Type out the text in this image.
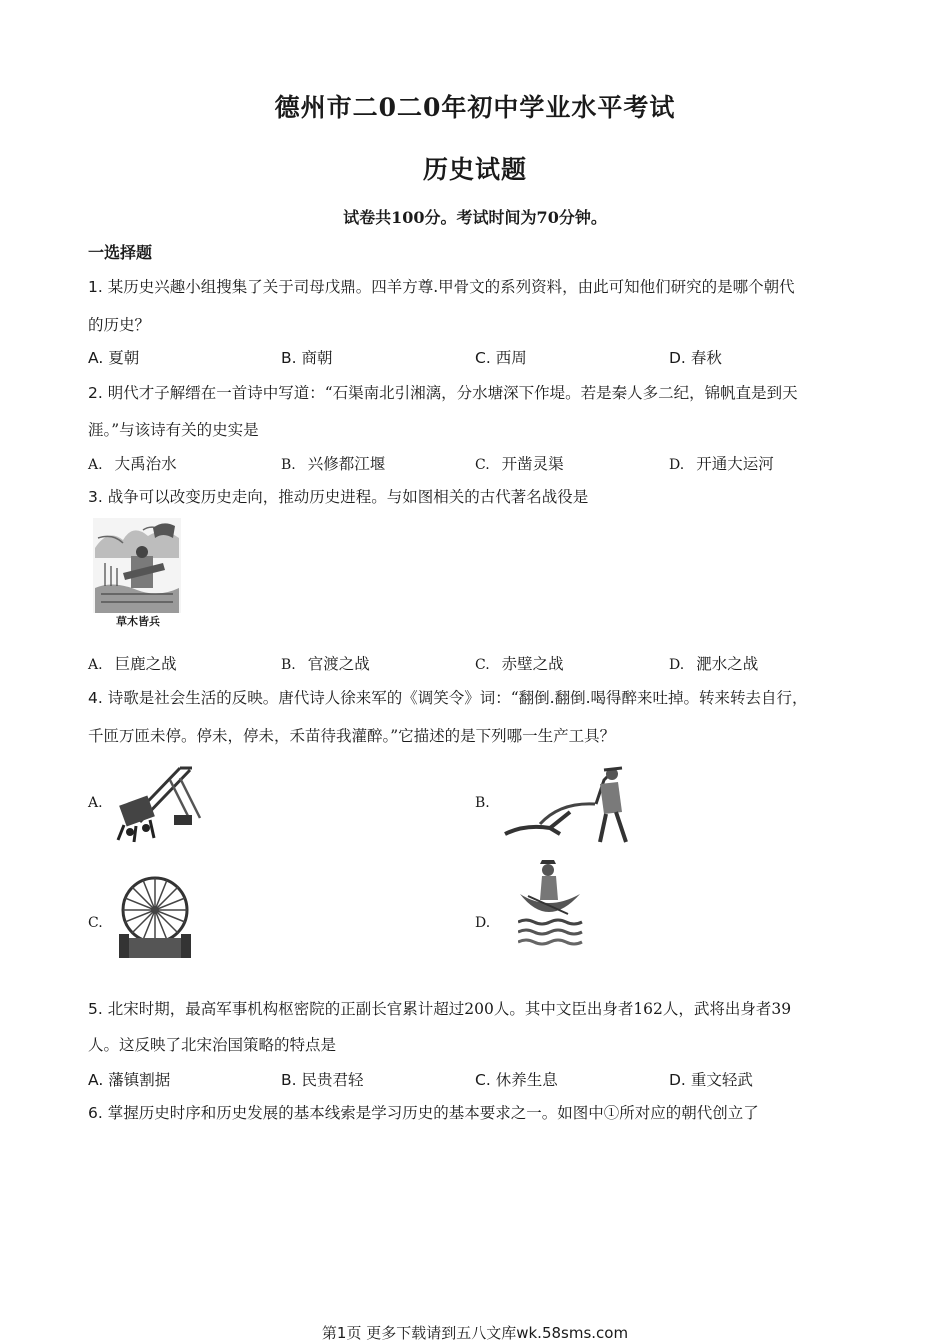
德州市二0二0年初中学业水平考试
历史试题
试卷共100分。考试时间为70分钟。
一选择题
1. 某历史兴趣小组搜集了关于司母戊鼎。四羊方尊.甲骨文的系列资料，由此可知他们研究的是哪个朝代
的历史？
A. 夏朝	B. 商朝	C. 西周	D. 春秋
2. 明代才子解缙在一首诗中写道：“石渠南北引湘漓，分水塘深下作堤。若是秦人多二纪，锦帆直是到天
涯。”与该诗有关的史实是
A. 大禹治水	B. 兴修都江堰	C. 开凿灵渠	D. 开通大运河
3. 战争可以改变历史走向，推动历史进程。与如图相关的古代著名战役是
草木皆兵
A. 巨鹿之战	B. 官渡之战	C. 赤壁之战	D. 淝水之战
4. 诗歌是社会生活的反映。唐代诗人徐来军的《调笑令》词：“翻倒.翻倒.喝得醉来吐掉。转来转去自行，
千匝万匝未停。停未，停未，禾苗待我灌醉。”它描述的是下列哪一生产工具？
A.	B.
C.	D.
5. 北宋时期，最高军事机构枢密院的正副长官累计超过200人。其中文臣出身者162人，武将出身者39
人。这反映了北宋治国策略的特点是
A. 藩镇割据	B. 民贵君轻	C. 休养生息	D. 重文轻武
6. 掌握历史时序和历史发展的基本线索是学习历史的基本要求之一。如图中①所对应的朝代创立了
第1页 更多下载请到五八文库wk.58sms.com
